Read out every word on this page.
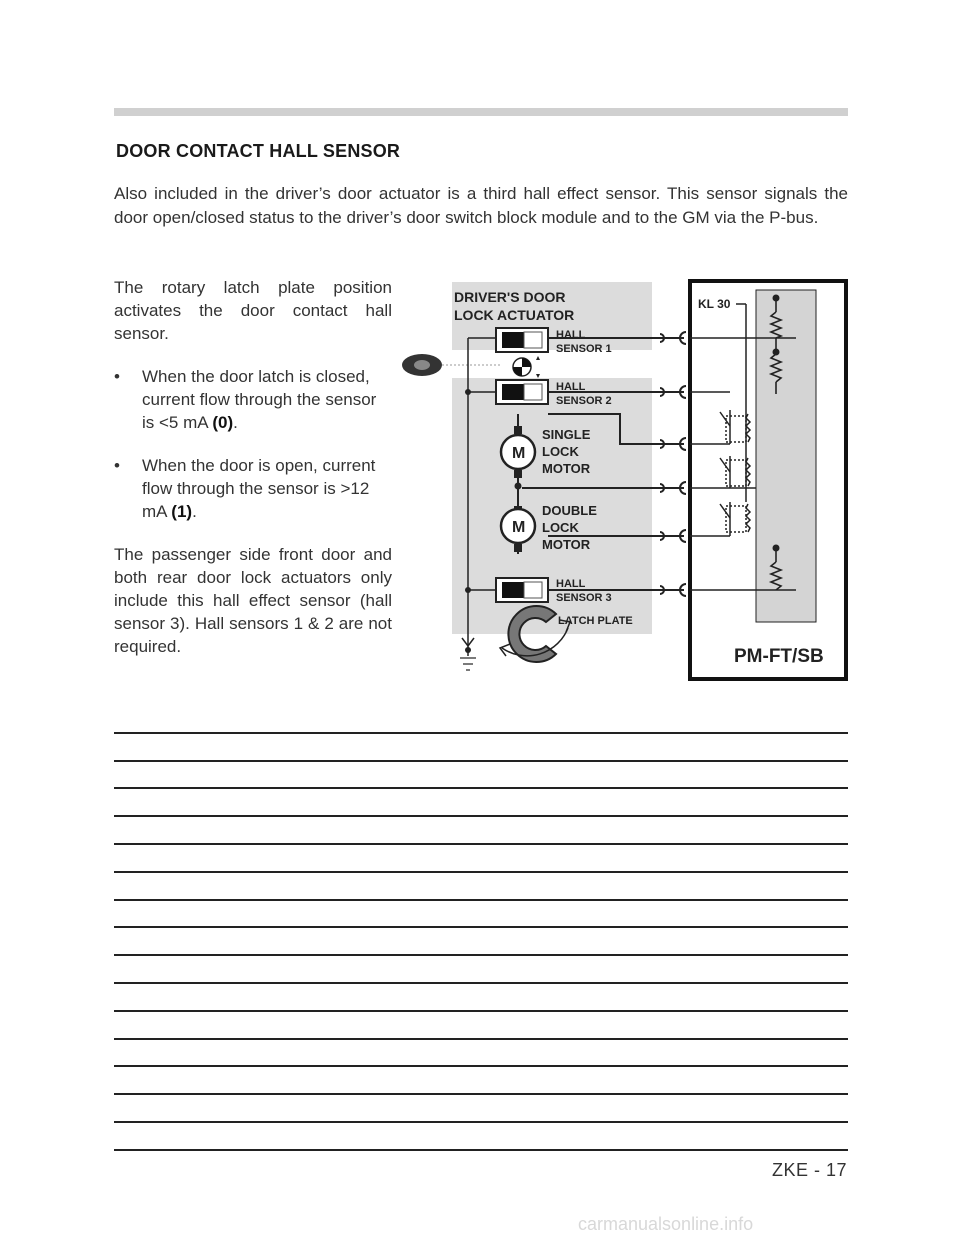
DOOR CONTACT HALL SENSOR
Also included in the driver’s door actuator is a third hall effect sensor. This sensor signals the door open/closed status to the driver’s door switch block module and to the GM via the P-bus.

The rotary latch plate position activates the door contact hall sensor.

• When the door latch is closed, current flow through the sensor is <5 mA (0).
• When the door is open, current flow through the sensor is >12 mA (1).

The passenger side front door and both rear door lock actuators only include this hall effect sensor (hall sensor 3). Hall sensors 1 & 2 are not required.

DRIVER'S DOOR
LOCK ACTUATOR
HALL
SENSOR 1
HALL
SENSOR 2
M
SINGLE
LOCK
MOTOR
M
DOUBLE
LOCK
MOTOR
HALL
SENSOR 3
LATCH PLATE
KL 30
PM-FT/SB
ZKE - 17
carmanualsonline.info
